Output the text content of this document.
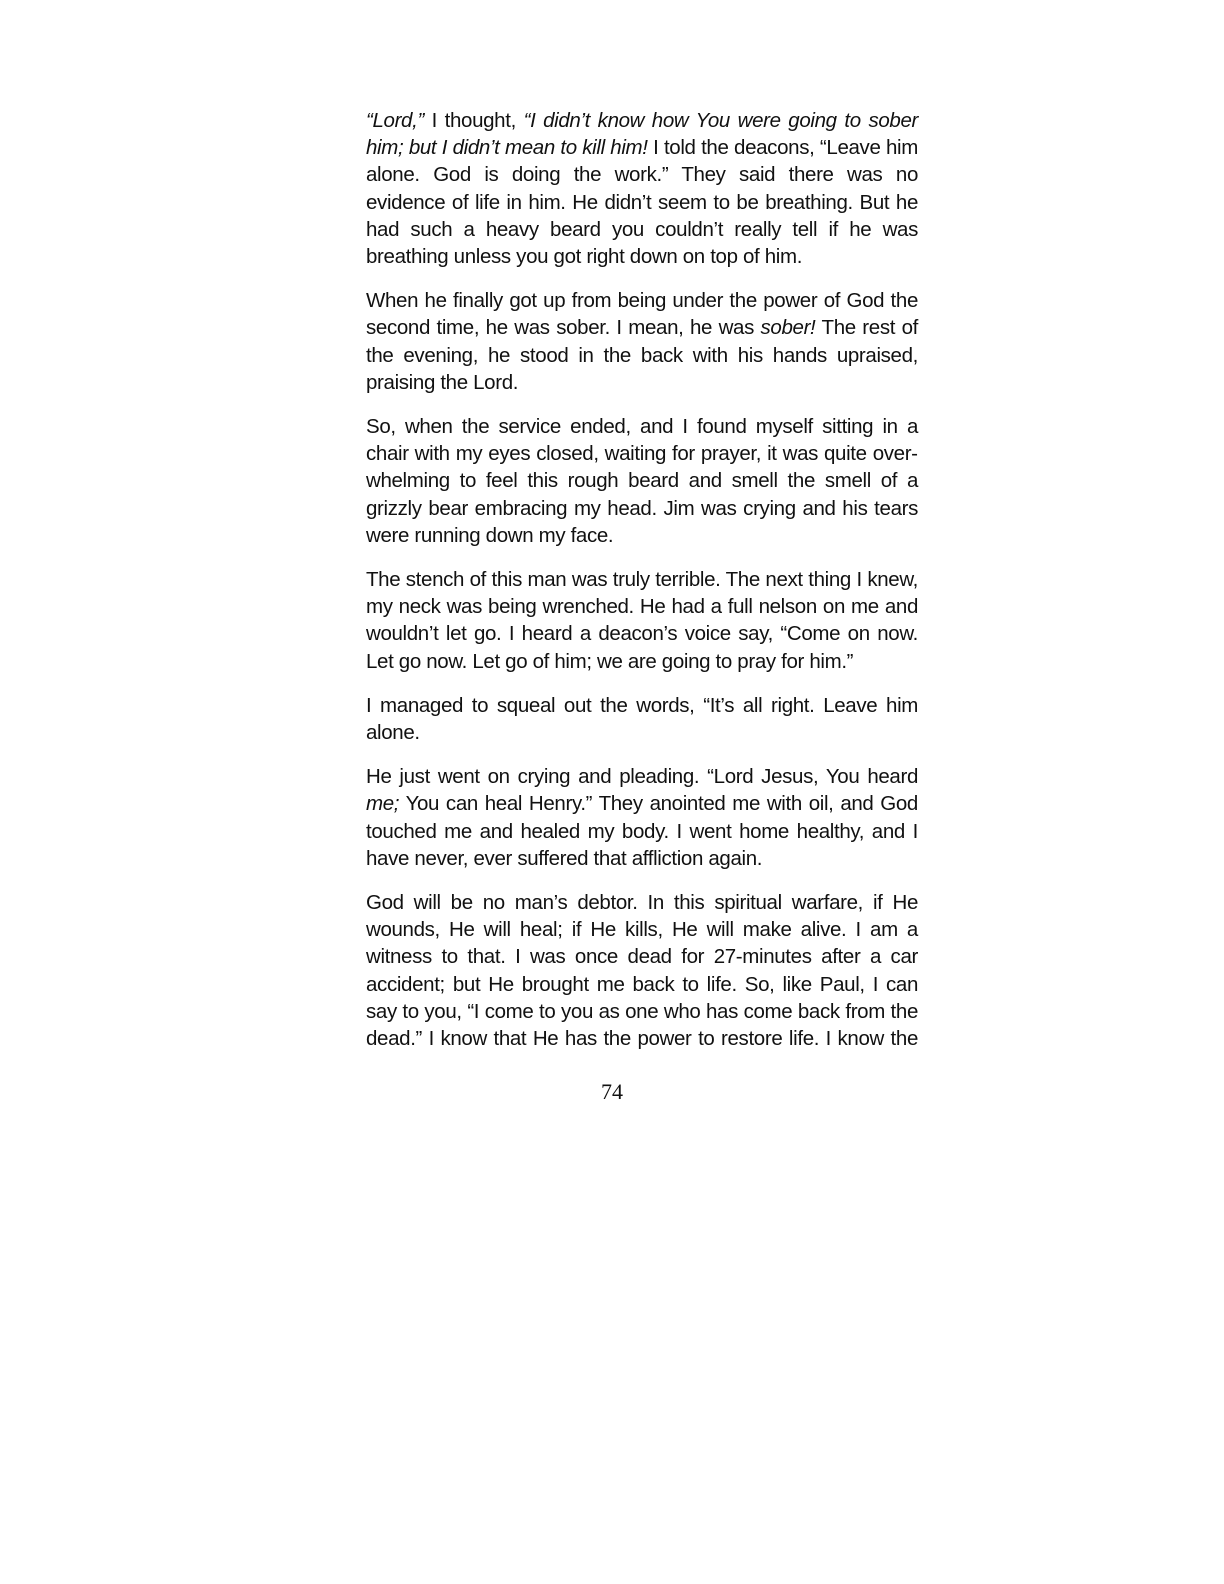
“Lord,” I thought, “I didn’t know how You were going to sober him; but I didn’t mean to kill him! I told the deacons, “Leave him alone. God is doing the work.” They said there was no evidence of life in him. He didn’t seem to be breathing. But he had such a heavy beard you couldn’t really tell if he was breathing unless you got right down on top of him.

When he finally got up from being under the power of God the second time, he was sober. I mean, he was sober! The rest of the evening, he stood in the back with his hands upraised, praising the Lord.

So, when the service ended, and I found myself sitting in a chair with my eyes closed, waiting for prayer, it was quite overwhelming to feel this rough beard and smell the smell of a grizzly bear embracing my head. Jim was crying and his tears were running down my face.

The stench of this man was truly terrible. The next thing I knew, my neck was being wrenched. He had a full nelson on me and wouldn’t let go. I heard a deacon’s voice say, “Come on now. Let go now. Let go of him; we are going to pray for him.”

I managed to squeal out the words, “It’s all right. Leave him alone.

He just went on crying and pleading. “Lord Jesus, You heard me; You can heal Henry.” They anointed me with oil, and God touched me and healed my body. I went home healthy, and I have never, ever suffered that affliction again.

God will be no man’s debtor. In this spiritual warfare, if He wounds, He will heal; if He kills, He will make alive. I am a witness to that. I was once dead for 27-minutes after a car accident; but He brought me back to life. So, like Paul, I can say to you, “I come to you as one who has come back from the dead.” I know that He has the power to restore life. I know the

74
